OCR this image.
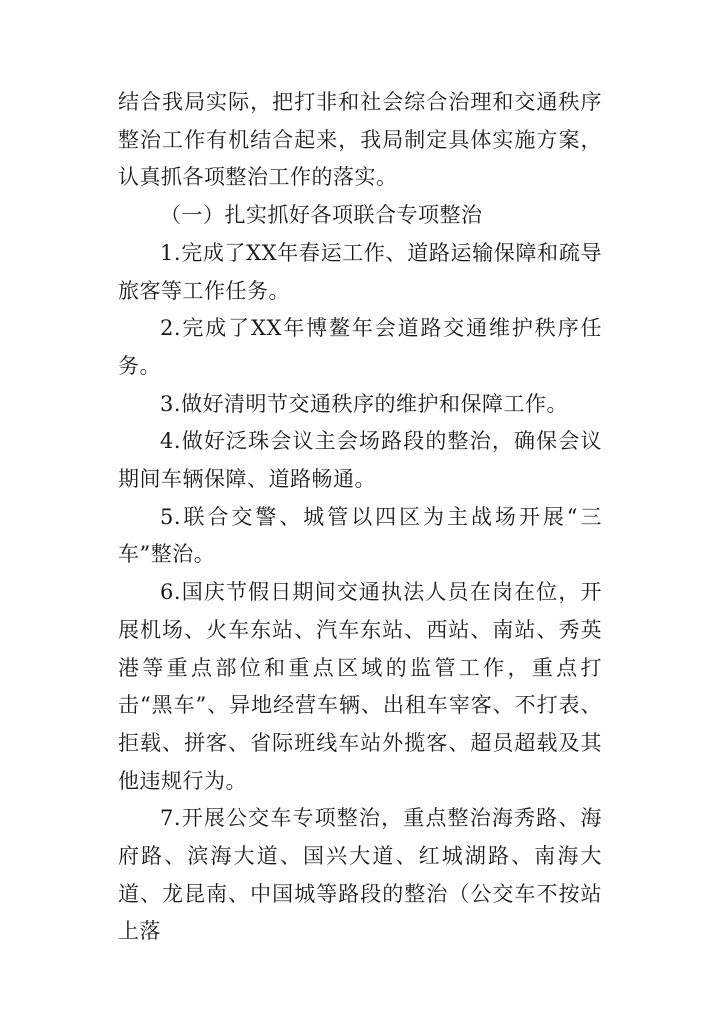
结合我局实际，把打非和社会综合治理和交通秩序整治工作有机结合起来，我局制定具体实施方案，认真抓各项整治工作的落实。

（一）扎实抓好各项联合专项整治

1.完成了XX年春运工作、道路运输保障和疏导旅客等工作任务。

2.完成了XX年博鳌年会道路交通维护秩序任务。

3.做好清明节交通秩序的维护和保障工作。

4.做好泛珠会议主会场路段的整治，确保会议期间车辆保障、道路畅通。

5.联合交警、城管以四区为主战场开展“三车”整治。

6.国庆节假日期间交通执法人员在岗在位，开展机场、火车东站、汽车东站、西站、南站、秀英港等重点部位和重点区域的监管工作，重点打击“黑车”、异地经营车辆、出租车宰客、不打表、拒载、拼客、省际班线车站外揽客、超员超载及其他违规行为。

7.开展公交车专项整治，重点整治海秀路、海府路、滨海大道、国兴大道、红城湖路、南海大道、龙昆南、中国城等路段的整治（公交车不按站上落
